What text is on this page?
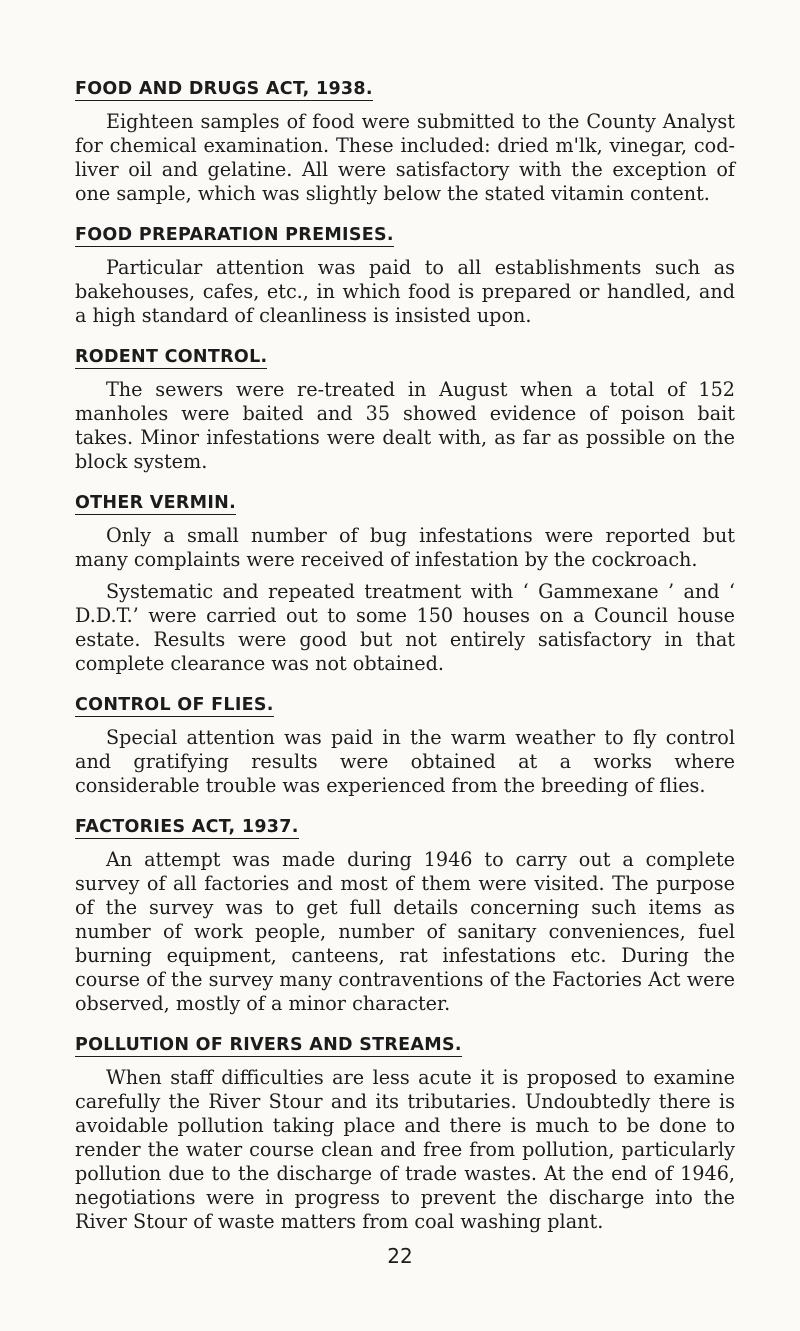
FOOD AND DRUGS ACT, 1938.

Eighteen samples of food were submitted to the County Analyst for chemical examination. These included: dried m'lk, vinegar, cod-liver oil and gelatine. All were satisfactory with the exception of one sample, which was slightly below the stated vitamin content.

FOOD PREPARATION PREMISES.

Particular attention was paid to all establishments such as bakehouses, cafes, etc., in which food is prepared or handled, and a high standard of cleanliness is insisted upon.

RODENT CONTROL.

The sewers were re-treated in August when a total of 152 manholes were baited and 35 showed evidence of poison bait takes. Minor infestations were dealt with, as far as possible on the block system.

OTHER VERMIN.

Only a small number of bug infestations were reported but many complaints were received of infestation by the cockroach.

Systematic and repeated treatment with ‘ Gammexane ’ and ‘ D.D.T.’ were carried out to some 150 houses on a Council house estate. Results were good but not entirely satisfactory in that complete clearance was not obtained.

CONTROL OF FLIES.

Special attention was paid in the warm weather to fly control and gratifying results were obtained at a works where considerable trouble was experienced from the breeding of flies.

FACTORIES ACT, 1937.

An attempt was made during 1946 to carry out a complete survey of all factories and most of them were visited. The purpose of the survey was to get full details concerning such items as number of work people, number of sanitary conveniences, fuel burning equipment, canteens, rat infestations etc. During the course of the survey many contraventions of the Factories Act were observed, mostly of a minor character.

POLLUTION OF RIVERS AND STREAMS.

When staff difficulties are less acute it is proposed to examine carefully the River Stour and its tributaries. Undoubtedly there is avoidable pollution taking place and there is much to be done to render the water course clean and free from pollution, particularly pollution due to the discharge of trade wastes. At the end of 1946, negotiations were in progress to prevent the discharge into the River Stour of waste matters from coal washing plant.

22
